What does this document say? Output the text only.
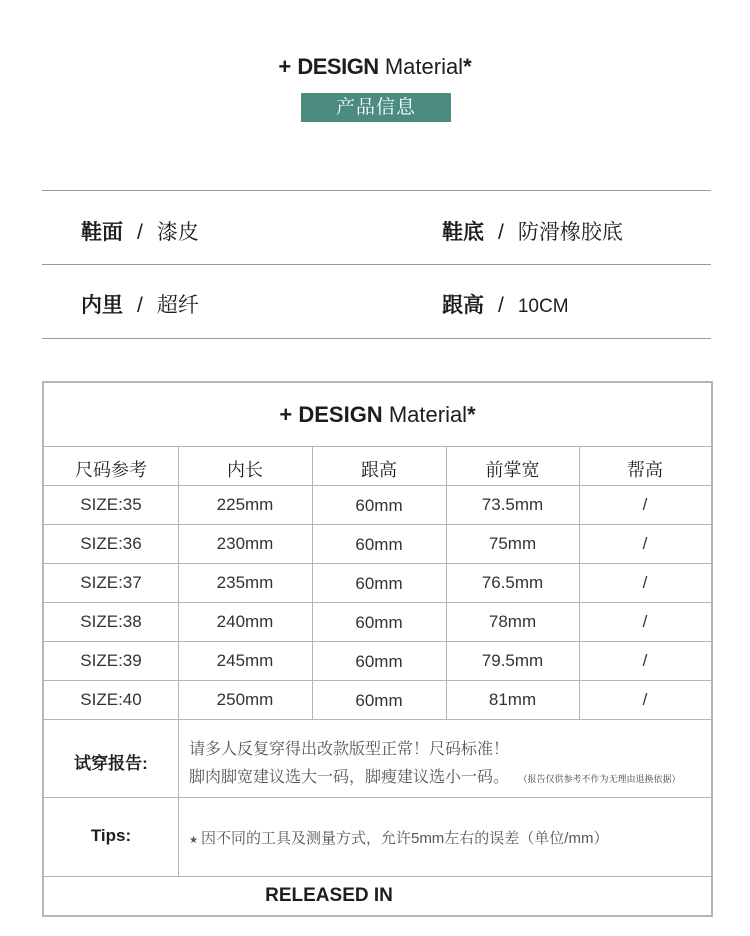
+ DESIGN Material*
产品信息
鞋面 / 漆皮	鞋底 / 防滑橡胶底
内里 / 超纤	跟高 / 10CM
+ DESIGN Material*
尺码参考	内长	跟高	前掌宽	帮高
SIZE:35	225mm	60mm	73.5mm	/
SIZE:36	230mm	60mm	75mm	/
SIZE:37	235mm	60mm	76.5mm	/
SIZE:38	240mm	60mm	78mm	/
SIZE:39	245mm	60mm	79.5mm	/
SIZE:40	250mm	60mm	81mm	/
试穿报告:
请多人反复穿得出改款版型正常！尺码标准！
脚肉脚宽建议选大一码，脚瘦建议选小一码。 （报告仅供参考不作为无理由退换依据）
Tips:	★ 因不同的工具及测量方式，允许5mm左右的误差（单位/mm）
RELEASED IN
